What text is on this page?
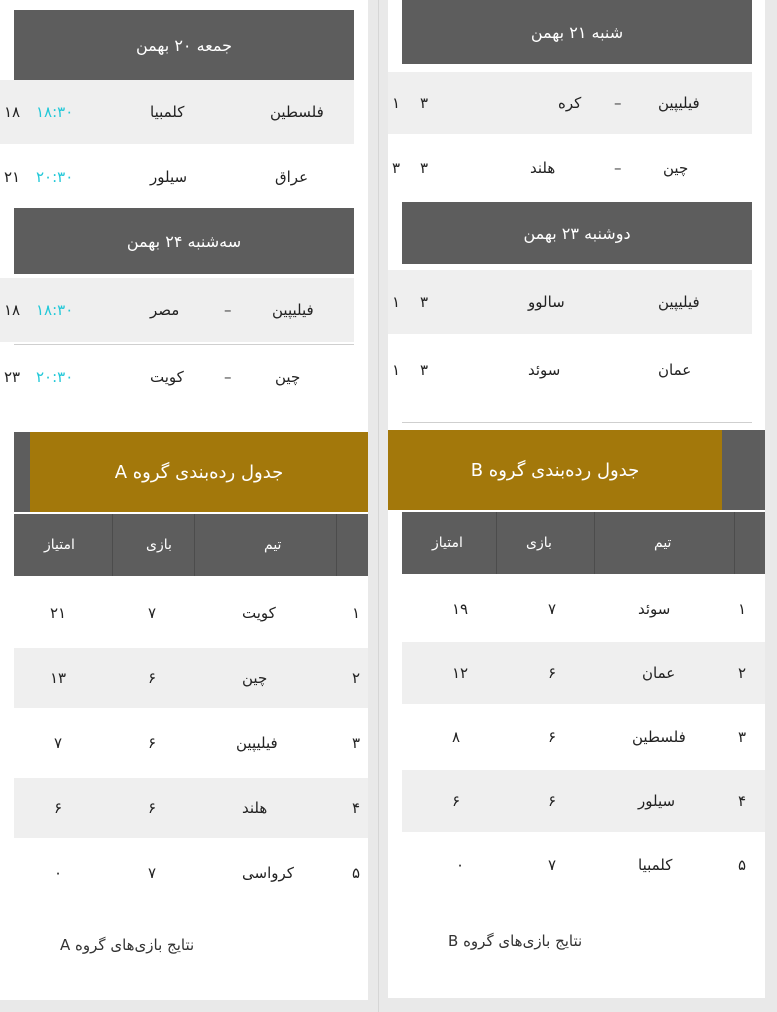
جمعه ۲۰ بهمن
۱۸ ۱۸:۳۰	کلمبیا	فلسطین
۲۱ ۲۰:۳۰	سیلور	عراق
سه‌شنبه ۲۴ بهمن
۱۸ ۱۸:۳۰	مصر	–	فیلیپین
۲۳ ۲۰:۳۰	کویت	–	چین
جدول رده‌بندی گروه A
امتیاز	بازی	تیم
۲۱	۷	کویت	۱
۱۳	۶	چین	۲
۷	۶	فیلیپین	۳
۶	۶	هلند	۴
۰	۷	کرواسی	۵
نتایج بازی‌های گروه A
شنبه ۲۱ بهمن
۱ ۳	کره – فیلیپین
۳ ۳	هلند	–	چین
دوشنبه ۲۳ بهمن
۱ ۳	سالوو	فیلیپین
۱ ۳	سوئد	عمان
جدول رده‌بندی گروه B
امتیاز	بازی	تیم
۱۹	۷	سوئد	۱
۱۲	۶	عمان	۲
۸	۶	فلسطین	۳
۶	۶	سیلور	۴
۰	۷	کلمبیا	۵
نتایج بازی‌های گروه B
